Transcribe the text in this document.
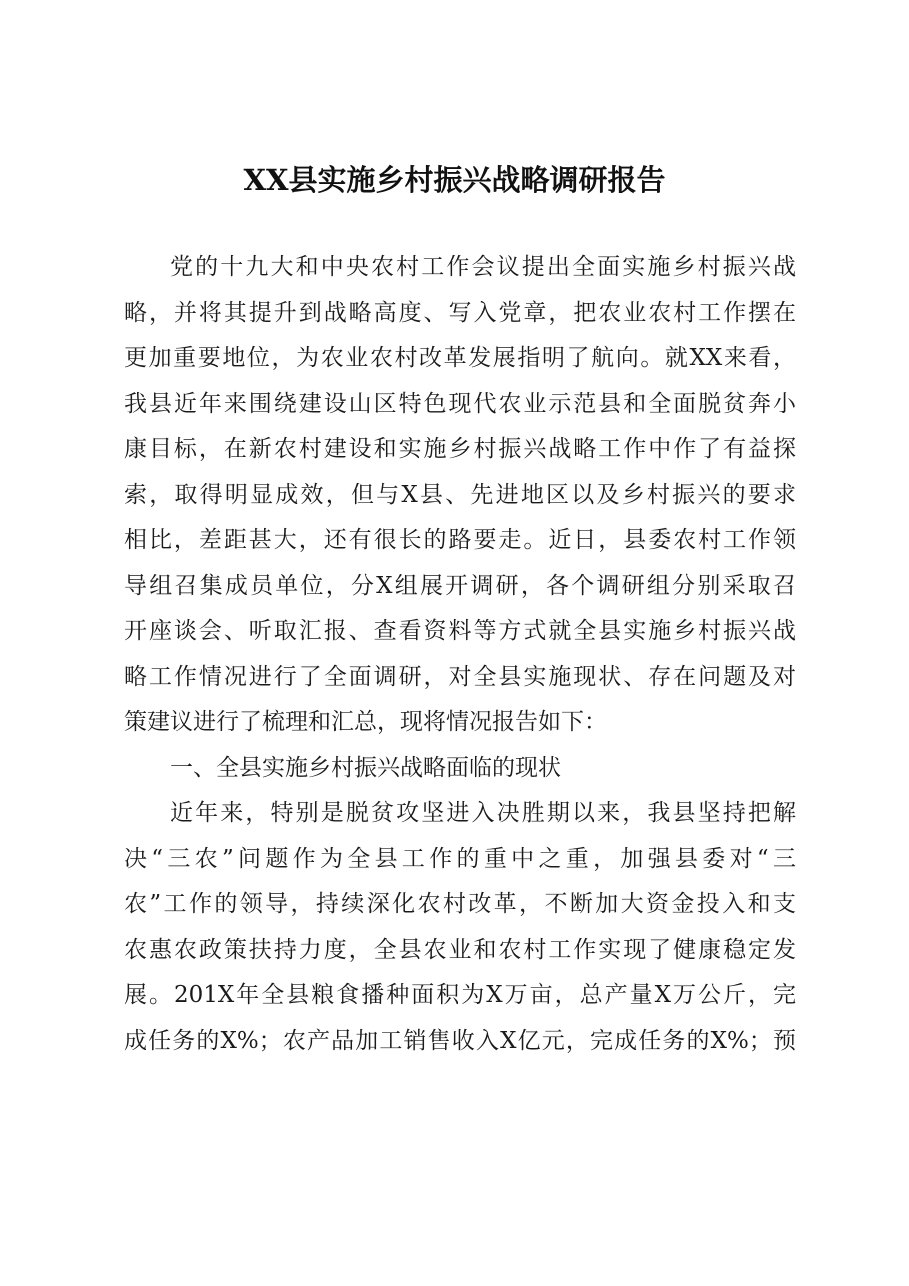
XX县实施乡村振兴战略调研报告
党的十九大和中央农村工作会议提出全面实施乡村振兴战
略，并将其提升到战略高度、写入党章，把农业农村工作摆在
更加重要地位，为农业农村改革发展指明了航向。就XX来看，
我县近年来围绕建设山区特色现代农业示范县和全面脱贫奔小
康目标，在新农村建设和实施乡村振兴战略工作中作了有益探
索，取得明显成效，但与X县、先进地区以及乡村振兴的要求
相比，差距甚大，还有很长的路要走。近日，县委农村工作领
导组召集成员单位，分X组展开调研，各个调研组分别采取召
开座谈会、听取汇报、查看资料等方式就全县实施乡村振兴战
略工作情况进行了全面调研，对全县实施现状、存在问题及对
策建议进行了梳理和汇总，现将情况报告如下：
一、全县实施乡村振兴战略面临的现状
近年来，特别是脱贫攻坚进入决胜期以来，我县坚持把解
决“三农”问题作为全县工作的重中之重，加强县委对“三
农”工作的领导，持续深化农村改革，不断加大资金投入和支
农惠农政策扶持力度，全县农业和农村工作实现了健康稳定发
展。201X年全县粮食播种面积为X万亩，总产量X万公斤，完
成任务的X%；农产品加工销售收入X亿元，完成任务的X%；预
